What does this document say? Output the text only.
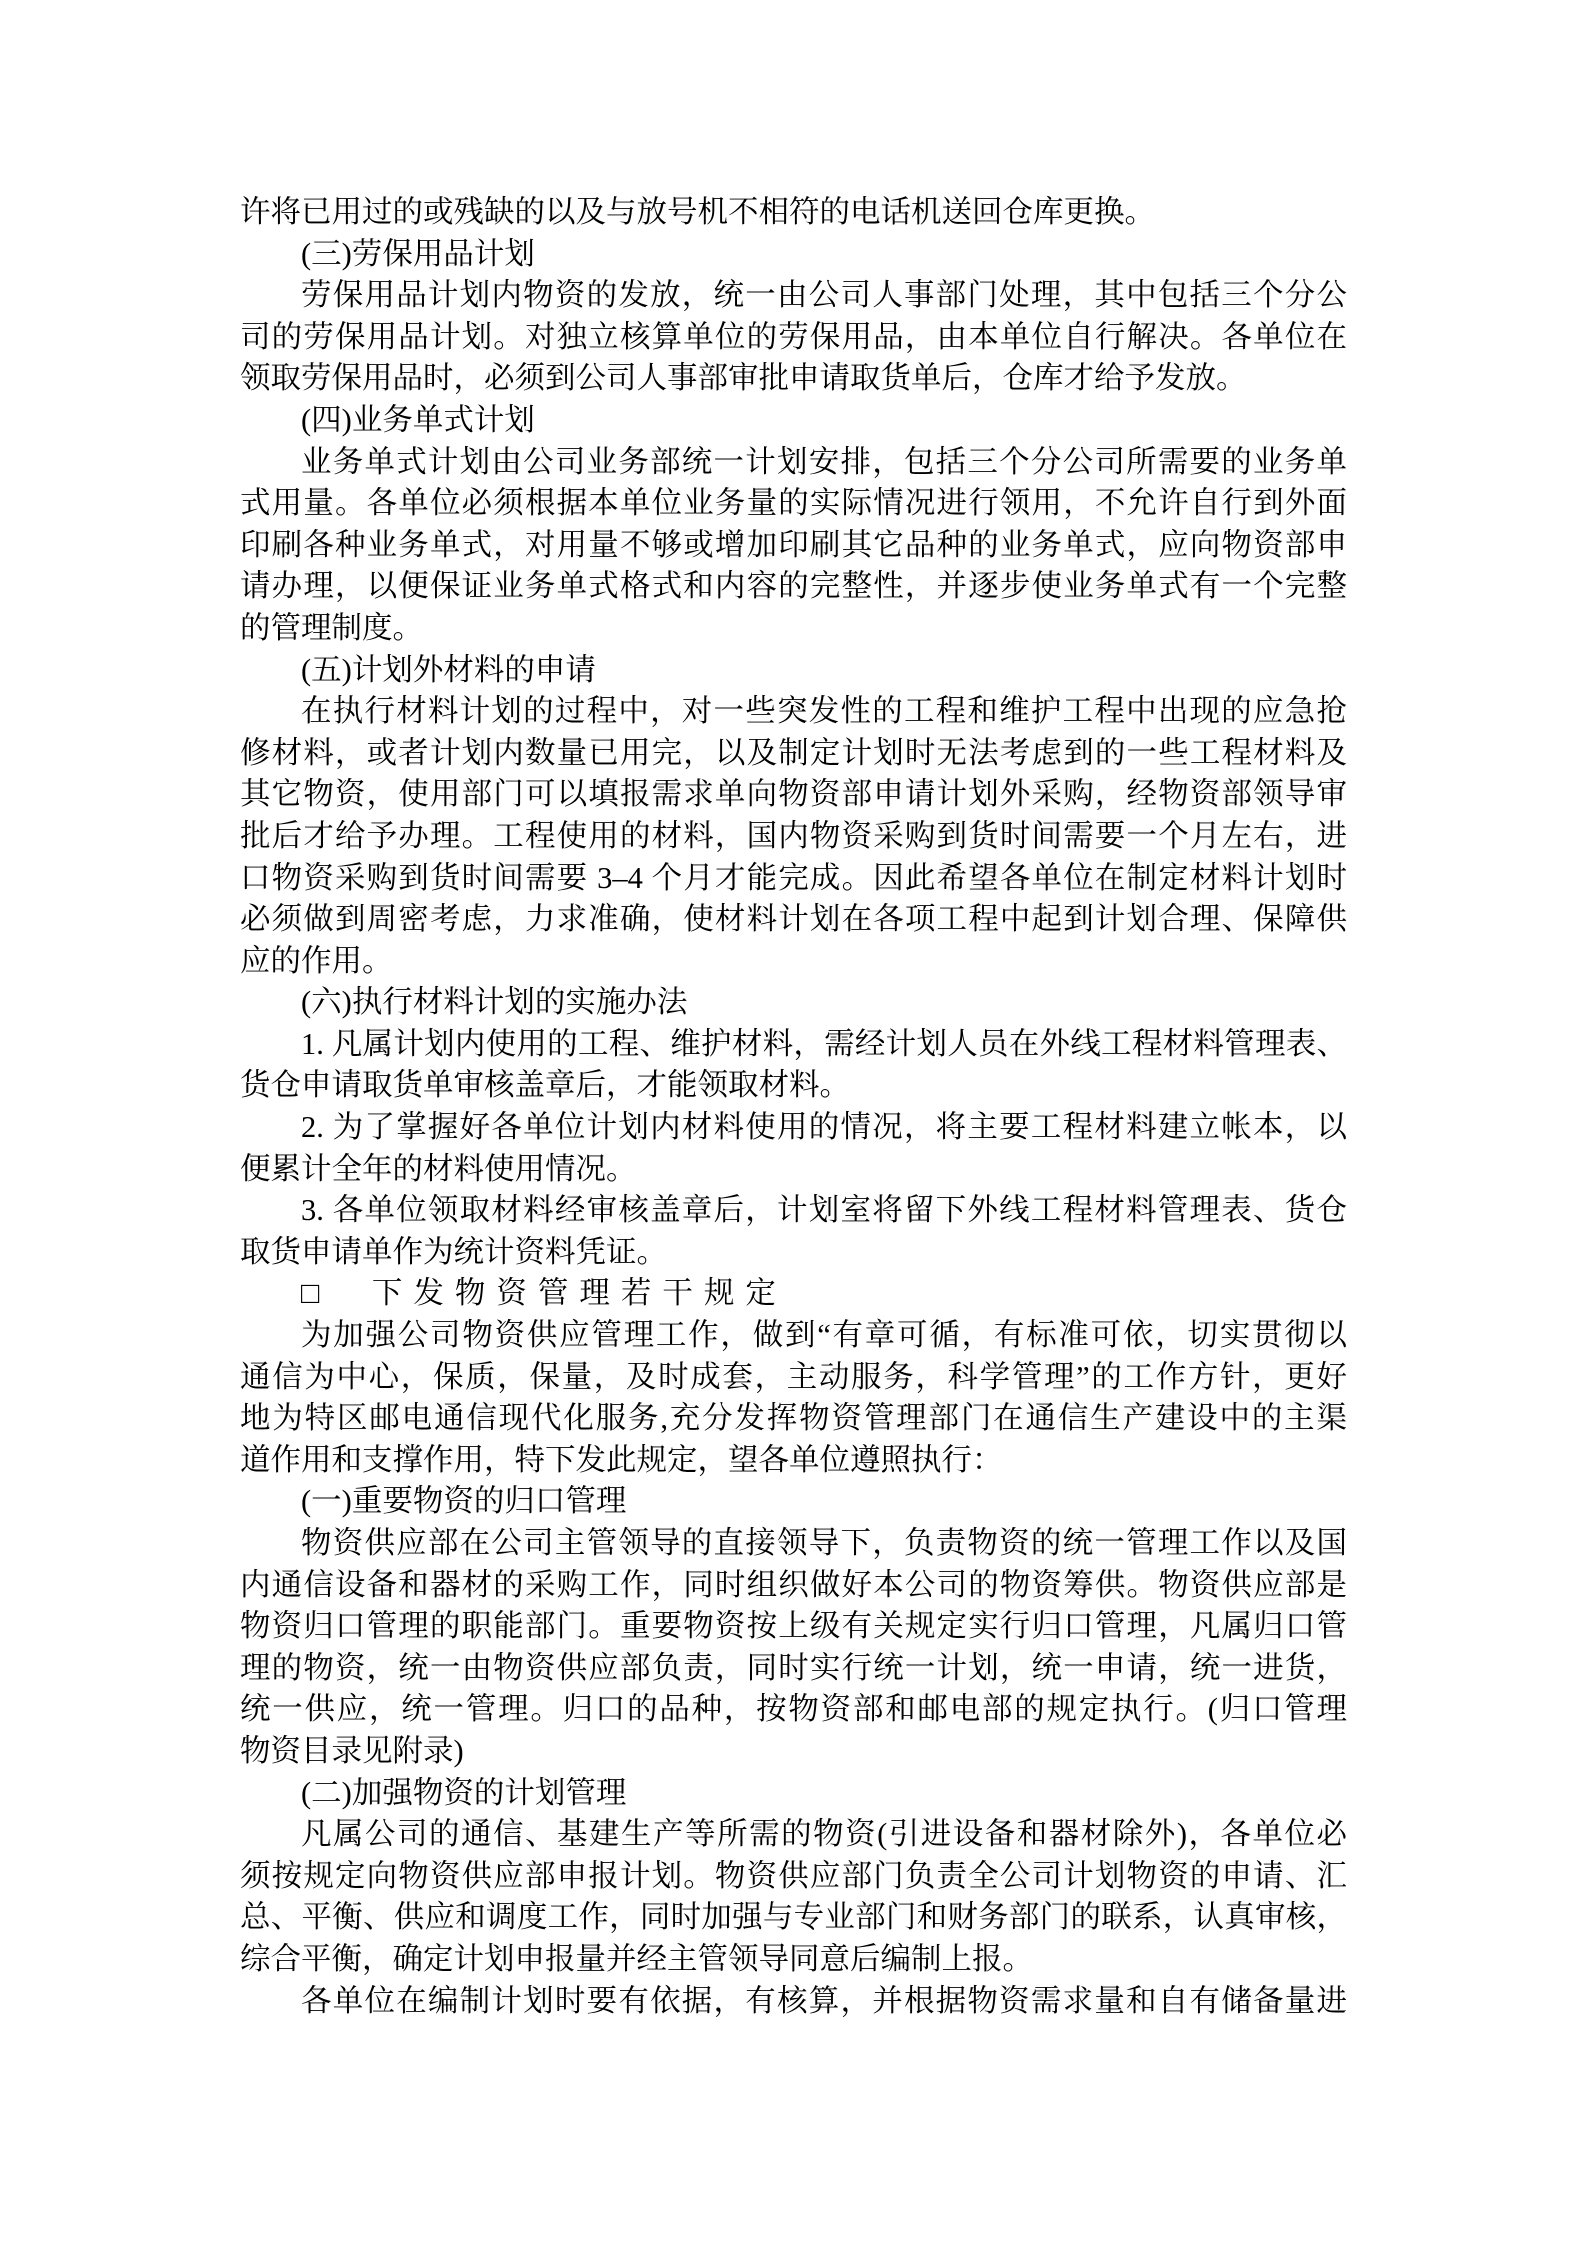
许将已用过的或残缺的以及与放号机不相符的电话机送回仓库更换。
(三)劳保用品计划
劳保用品计划内物资的发放，统一由公司人事部门处理，其中包括三个分公
司的劳保用品计划。对独立核算单位的劳保用品，由本单位自行解决。各单位在
领取劳保用品时，必须到公司人事部审批申请取货单后，仓库才给予发放。
(四)业务单式计划
业务单式计划由公司业务部统一计划安排，包括三个分公司所需要的业务单
式用量。各单位必须根据本单位业务量的实际情况进行领用，不允许自行到外面
印刷各种业务单式，对用量不够或增加印刷其它品种的业务单式，应向物资部申
请办理，以便保证业务单式格式和内容的完整性，并逐步使业务单式有一个完整
的管理制度。
(五)计划外材料的申请
在执行材料计划的过程中，对一些突发性的工程和维护工程中出现的应急抢
修材料，或者计划内数量已用完，以及制定计划时无法考虑到的一些工程材料及
其它物资，使用部门可以填报需求单向物资部申请计划外采购，经物资部领导审
批后才给予办理。工程使用的材料，国内物资采购到货时间需要一个月左右，进
口物资采购到货时间需要 3–4 个月才能完成。因此希望各单位在制定材料计划时
必须做到周密考虑，力求准确，使材料计划在各项工程中起到计划合理、保障供
应的作用。
(六)执行材料计划的实施办法
1. 凡属计划内使用的工程、维护材料，需经计划人员在外线工程材料管理表、
货仓申请取货单审核盖章后，才能领取材料。
2. 为了掌握好各单位计划内材料使用的情况，将主要工程材料建立帐本，以
便累计全年的材料使用情况。
3. 各单位领取材料经审核盖章后，计划室将留下外线工程材料管理表、货仓
取货申请单作为统计资料凭证。
□　下发物资管理若干规定
为加强公司物资供应管理工作，做到“有章可循，有标准可依，切实贯彻以
通信为中心，保质，保量，及时成套，主动服务，科学管理”的工作方针，更好
地为特区邮电通信现代化服务,充分发挥物资管理部门在通信生产建设中的主渠
道作用和支撑作用，特下发此规定，望各单位遵照执行：
(一)重要物资的归口管理
物资供应部在公司主管领导的直接领导下，负责物资的统一管理工作以及国
内通信设备和器材的采购工作，同时组织做好本公司的物资筹供。物资供应部是
物资归口管理的职能部门。重要物资按上级有关规定实行归口管理，凡属归口管
理的物资，统一由物资供应部负责，同时实行统一计划，统一申请，统一进货，
统一供应，统一管理。归口的品种，按物资部和邮电部的规定执行。(归口管理
物资目录见附录)
(二)加强物资的计划管理
凡属公司的通信、基建生产等所需的物资(引进设备和器材除外)，各单位必
须按规定向物资供应部申报计划。物资供应部门负责全公司计划物资的申请、汇
总、平衡、供应和调度工作，同时加强与专业部门和财务部门的联系，认真审核，
综合平衡，确定计划申报量并经主管领导同意后编制上报。
各单位在编制计划时要有依据，有核算，并根据物资需求量和自有储备量进
